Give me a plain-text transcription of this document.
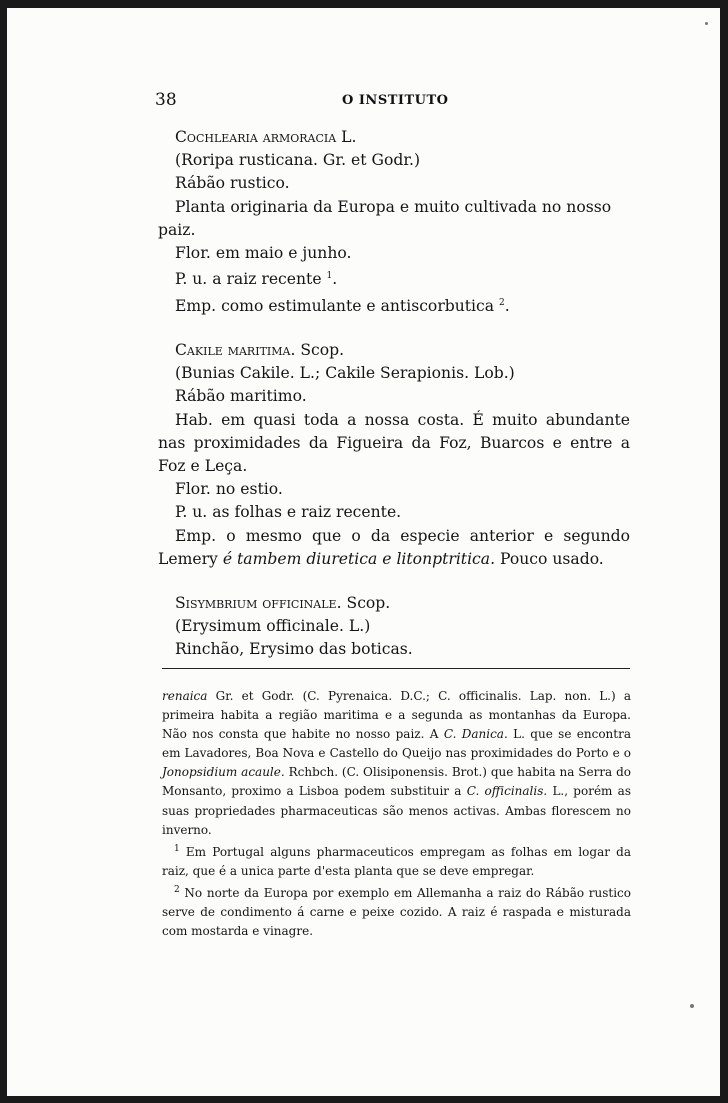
38	O INSTITUTO

Cochlearia armoracia L.

(Roripa rusticana. Gr. et Godr.)

Rábão rustico.

Planta originaria da Europa e muito cultivada no nosso paiz.

Flor. em maio e junho.

P. u. a raiz recente $^1$.

Emp. como estimulante e antiscorbutica $^2$.

Cakile maritima. Scop.

(Bunias Cakile. L.; Cakile Serapionis. Lob.)

Rábão maritimo.

Hab. em quasi toda a nossa costa. É muito abundante nas proximidades da Figueira da Foz, Buarcos e entre a Foz e Leça.

Flor. no estio.

P. u. as folhas e raiz recente.

Emp. o mesmo que o da especie anterior e segundo Lemery é tambem diuretica e litonptritica. Pouco usado.

Sisymbrium officinale. Scop.

(Erysimum officinale. L.)

Rinchão, Erysimo das boticas.

renaica Gr. et Godr. (C. Pyrenaica. D.C.; C. officinalis. Lap. non. L.) a primeira habita a região maritima e a segunda as montanhas da Europa. Não nos consta que habite no nosso paiz. A C. Danica. L. que se encontra em Lavadores, Boa Nova e Castello do Queijo nas proximidades do Porto e o Jonopsidium acaule. Rchbch. (C. Olisiponensis. Brot.) que habita na Serra do Monsanto, proximo a Lisboa podem substituir a C. officinalis. L., porém as suas propriedades pharmaceuticas são menos activas. Ambas florescem no inverno.

$^1$ Em Portugal alguns pharmaceuticos empregam as folhas em logar da raiz, que é a unica parte d'esta planta que se deve empregar.

$^2$ No norte da Europa por exemplo em Allemanha a raiz do Rábão rustico serve de condimento á carne e peixe cozido. A raiz é raspada e misturada com mostarda e vinagre.
